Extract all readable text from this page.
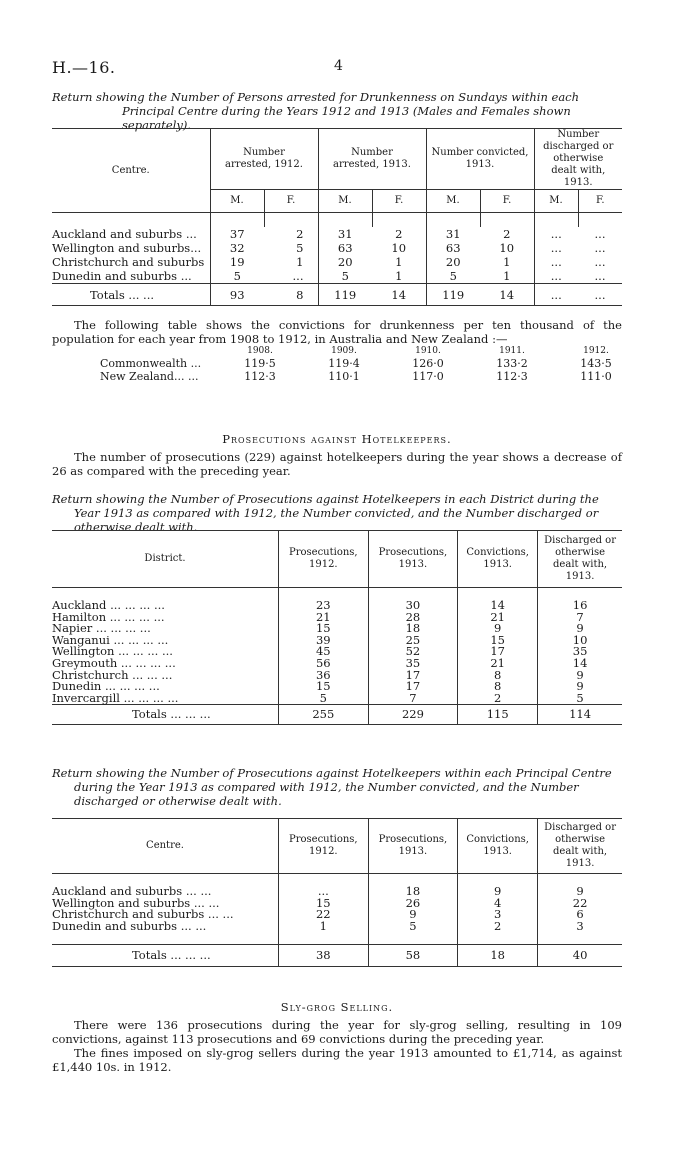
H.—16.	4
Return showing the Number of Persons arrested for Drunkenness on Sundays within each Principal Centre during the Years 1912 and 1913 (Males and Females shown separately).
Centre.	Number arrested, 1912.		Number arrested, 1913.		Number convicted, 1913.		Number discharged or otherwise dealt with, 1913.	
	M.	F.	M.	F.	M.	F.	M.	F.

Auckland and suburbs ...	37	2	31	2	31	2	...	...
Wellington and suburbs...	32	5	63	10	63	10	...	...
Christchurch and suburbs	19	1	20	1	20	1	...	...
Dunedin and suburbs ...	5	...	5	1	5	1	...	...
Totals ... ...	93	8	119	14	119	14	...	...
The following table shows the convictions for drunkenness per ten thousand of the population for each year from 1908 to 1912, in Australia and New Zealand :—
	1908.	1909.	1910.	1911.	1912.
Commonwealth ...	119·5	119·4	126·0	133·2	143·5
New Zealand... ...	112·3	110·1	117·0	112·3	111·0
Prosecutions against Hotelkeepers.
The number of prosecutions (229) against hotelkeepers during the year shows a decrease of 26 as compared with the preceding year.
Return showing the Number of Prosecutions against Hotelkeepers in each District during the Year 1913 as compared with 1912, the Number convicted, and the Number discharged or otherwise dealt with.
District.	Prosecutions, 1912.	Prosecutions, 1913.	Convictions, 1913.	Discharged or otherwise dealt with, 1913.

Auckland ... ... ... ...	23	30	14	16
Hamilton ... ... ... ...	21	28	21	7
Napier ... ... ... ...	15	18	9	9
Wanganui ... ... ... ...	39	25	15	10
Wellington ... ... ... ...	45	52	17	35
Greymouth ... ... ... ...	56	35	21	14
Christchurch ... ... ...	36	17	8	9
Dunedin ... ... ... ...	15	17	8	9
Invercargill ... ... ... ...	5	7	2	5
Totals ... ... ...	255	229	115	114
Return showing the Number of Prosecutions against Hotelkeepers within each Principal Centre during the Year 1913 as compared with 1912, the Number convicted, and the Number discharged or otherwise dealt with.
Centre.	Prosecutions, 1912.	Prosecutions, 1913.	Convictions, 1913.	Discharged or otherwise dealt with, 1913.

Auckland and suburbs ... ...	...	18	9	9
Wellington and suburbs ... ...	15	26	4	22
Christchurch and suburbs ... ...	22	9	3	6
Dunedin and suburbs ... ...	1	5	2	3

Totals ... ... ...	38	58	18	40
Sly-grog Selling.
There were 136 prosecutions during the year for sly-grog selling, resulting in 109 convictions, against 113 prosecutions and 69 convictions during the preceding year.
The fines imposed on sly-grog sellers during the year 1913 amounted to £1,714, as against £1,440 10s. in 1912.
